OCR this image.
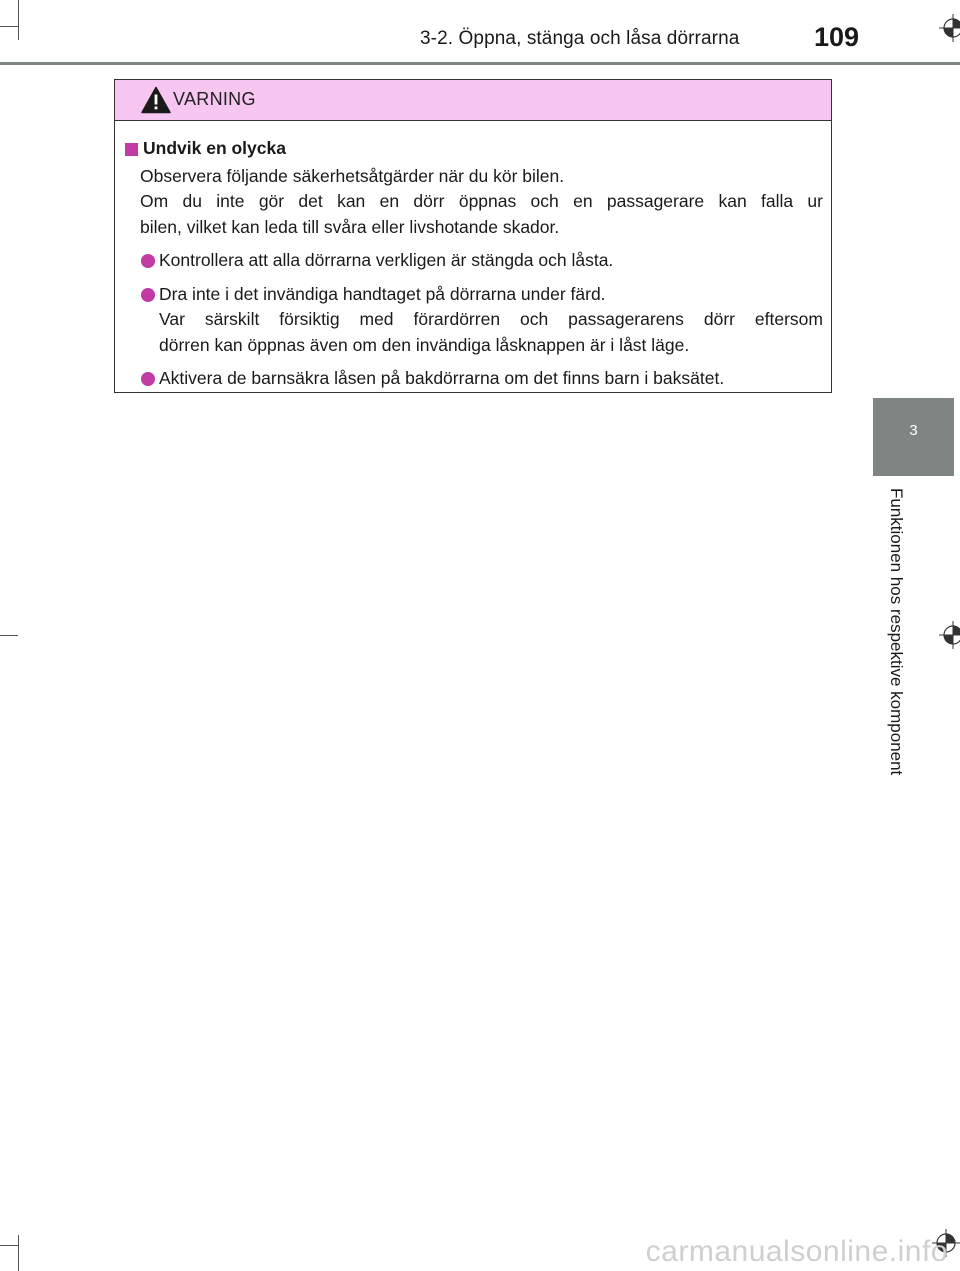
3-2. Öppna, stänga och låsa dörrarna	109
3
Funktionen hos respektive komponent
VARNING
Undvik en olycka
Observera följande säkerhetsåtgärder när du kör bilen.
Om du inte gör det kan en dörr öppnas och en passagerare kan falla ur
bilen, vilket kan leda till svåra eller livshotande skador.
Kontrollera att alla dörrarna verkligen är stängda och låsta.
Dra inte i det invändiga handtaget på dörrarna under färd.
Var särskilt försiktig med förardörren och passagerarens dörr eftersom
dörren kan öppnas även om den invändiga låsknappen är i låst läge.
Aktivera de barnsäkra låsen på bakdörrarna om det finns barn i baksätet.
carmanualsonline.info
